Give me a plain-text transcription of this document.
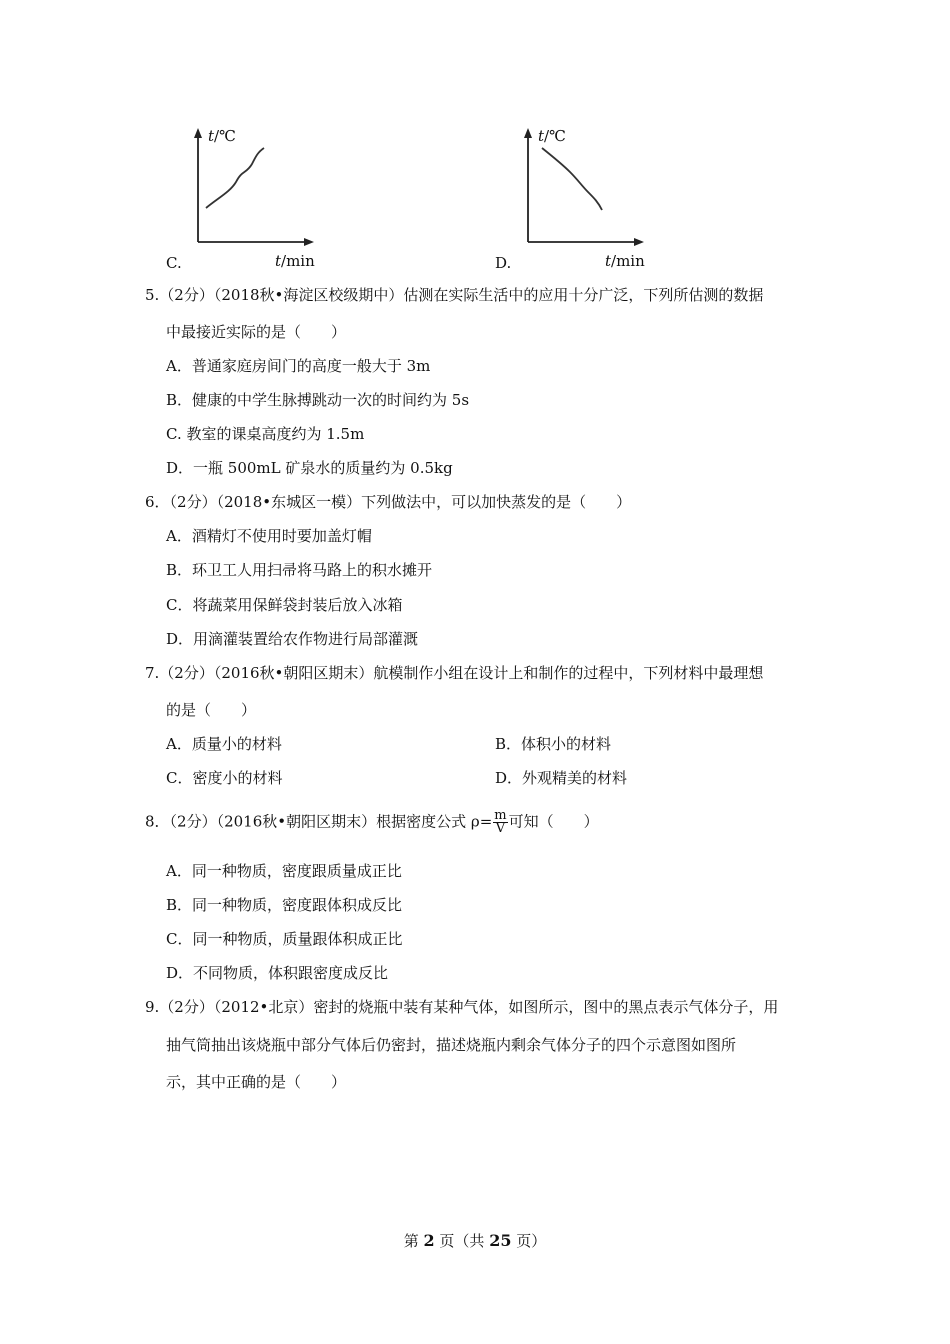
t/℃
t/min
C.
t/℃
t/min
D.
5.（2分）（2018秋•海淀区校级期中）估测在实际生活中的应用十分广泛，下列所估测的数据
中最接近实际的是（　　）
A．普通家庭房间门的高度一般大于 3m
B．健康的中学生脉搏跳动一次的时间约为 5s
C. 教室的课桌高度约为 1.5m
D．一瓶 500mL 矿泉水的质量约为 0.5kg
6．（2分）（2018•东城区一模）下列做法中，可以加快蒸发的是（　　）
A．酒精灯不使用时要加盖灯帽
B．环卫工人用扫帚将马路上的积水摊开
C．将蔬菜用保鲜袋封装后放入冰箱
D．用滴灌装置给农作物进行局部灌溉
7.（2分）（2016秋•朝阳区期末）航模制作小组在设计上和制作的过程中，下列材料中最理想
的是（　　）
A．质量小的材料	B．体积小的材料
C．密度小的材料	D．外观精美的材料
8．（2分）（2016秋•朝阳区期末）根据密度公式 $\rho= \frac{m}{V}$ 可知（　　）
A．同一种物质，密度跟质量成正比
B．同一种物质，密度跟体积成反比
C．同一种物质，质量跟体积成正比
D．不同物质，体积跟密度成反比
9.（2分）（2012•北京）密封的烧瓶中装有某种气体，如图所示，图中的黑点表示气体分子，用
抽气筒抽出该烧瓶中部分气体后仍密封，描述烧瓶内剩余气体分子的四个示意图如图所
示，其中正确的是（　　）
第 2 页（共 25 页）
